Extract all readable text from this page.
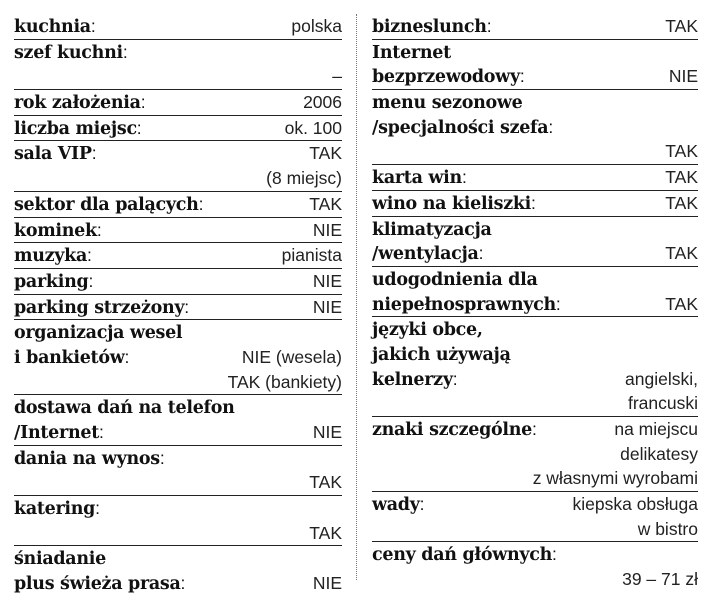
kuchnia:	polska
szef kuchni:
–
rok założenia:	2006
liczba miejsc:	ok. 100
sala VIP:	TAK
(8 miejsc)
sektor dla palących:	TAK
kominek:	NIE
muzyka:	pianista
parking:	NIE
parking strzeżony:	NIE
organizacja wesel
i bankietów:	NIE (wesela)
TAK (bankiety)
dostawa dań na telefon
/Internet:	NIE
dania na wynos:
TAK
katering:
TAK
śniadanie
plus świeża prasa:	NIE
bizneslunch:	TAK
Internet
bezprzewodowy:	NIE
menu sezonowe
/specjalności szefa:
TAK
karta win:	TAK
wino na kieliszki:	TAK
klimatyzacja
/wentylacja:	TAK
udogodnienia dla
niepełnosprawnych:	TAK
języki obce,
jakich używają
kelnerzy:	angielski,
francuski
znaki szczególne:	na miejscu
delikatesy
z własnymi wyrobami
wady:	kiepska obsługa
w bistro
ceny dań głównych:
39 – 71 zł
